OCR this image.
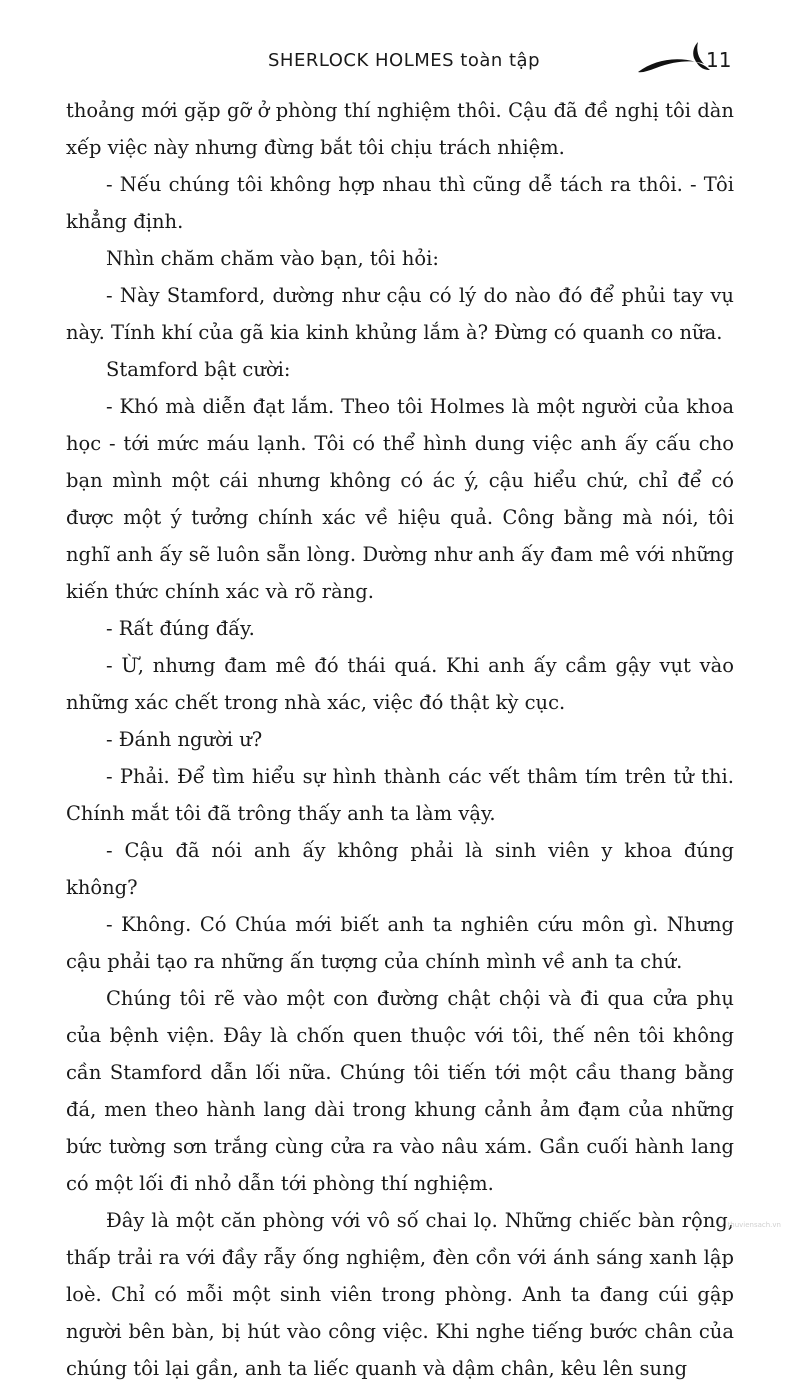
SHERLOCK HOLMES toàn tập	11

thoảng mới gặp gỡ ở phòng thí nghiệm thôi. Cậu đã đề nghị tôi dàn xếp việc này nhưng đừng bắt tôi chịu trách nhiệm.

- Nếu chúng tôi không hợp nhau thì cũng dễ tách ra thôi. - Tôi khẳng định.

Nhìn chăm chăm vào bạn, tôi hỏi:

- Này Stamford, dường như cậu có lý do nào đó để phủi tay vụ này. Tính khí của gã kia kinh khủng lắm à? Đừng có quanh co nữa.

Stamford bật cười:

- Khó mà diễn đạt lắm. Theo tôi Holmes là một người của khoa học - tới mức máu lạnh. Tôi có thể hình dung việc anh ấy cấu cho bạn mình một cái nhưng không có ác ý, cậu hiểu chứ, chỉ để có được một ý tưởng chính xác về hiệu quả. Công bằng mà nói, tôi nghĩ anh ấy sẽ luôn sẵn lòng. Dường như anh ấy đam mê với những kiến thức chính xác và rõ ràng.

- Rất đúng đấy.

- Ừ, nhưng đam mê đó thái quá. Khi anh ấy cầm gậy vụt vào những xác chết trong nhà xác, việc đó thật kỳ cục.

- Đánh người ư?

- Phải. Để tìm hiểu sự hình thành các vết thâm tím trên tử thi. Chính mắt tôi đã trông thấy anh ta làm vậy.

- Cậu đã nói anh ấy không phải là sinh viên y khoa đúng không?

- Không. Có Chúa mới biết anh ta nghiên cứu môn gì. Nhưng cậu phải tạo ra những ấn tượng của chính mình về anh ta chứ.

Chúng tôi rẽ vào một con đường chật chội và đi qua cửa phụ của bệnh viện. Đây là chốn quen thuộc với tôi, thế nên tôi không cần Stamford dẫn lối nữa. Chúng tôi tiến tới một cầu thang bằng đá, men theo hành lang dài trong khung cảnh ảm đạm của những bức tường sơn trắng cùng cửa ra vào nâu xám. Gần cuối hành lang có một lối đi nhỏ dẫn tới phòng thí nghiệm.

Đây là một căn phòng với vô số chai lọ. Những chiếc bàn rộng, thấp trải ra với đầy rẫy ống nghiệm, đèn cồn với ánh sáng xanh lập loè. Chỉ có mỗi một sinh viên trong phòng. Anh ta đang cúi gập người bên bàn, bị hút vào công việc. Khi nghe tiếng bước chân của chúng tôi lại gần, anh ta liếc quanh và dậm chân, kêu lên sung

thuviensach.vn
